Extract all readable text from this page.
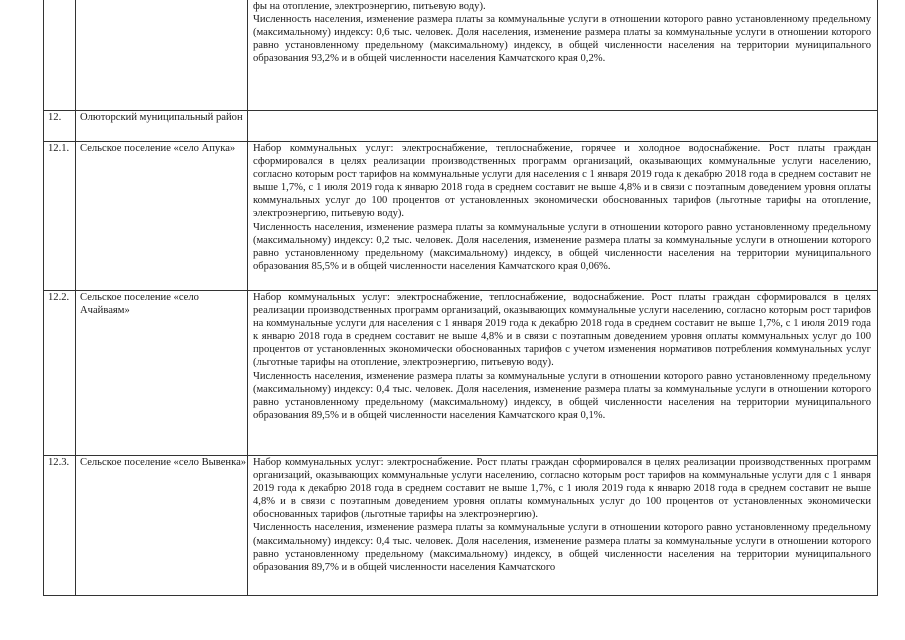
		фы на отопление, электроэнергию, питьевую воду).

Численность населения, изменение размера платы за коммунальные услуги в отношении которого равно установленному предельному (максимальному) индексу: 0,6 тыс. человек. Доля населения, изменение размера платы за коммунальные услуги в отношении которого равно установленному предельному (максимальному) индексу, в общей численности населения на территории муниципального образования 93,2% и в общей численности населения Камчатского края 0,2%.

12.	Олюторский муниципальный район	
12.1.	Сельское поселение «село Апука»	Набор коммунальных услуг: электроснабжение, теплоснабжение, горячее и холодное водоснабжение. Рост платы граждан сформировался в целях реализации производственных программ организаций, оказывающих коммунальные услуги населению, согласно которым рост тарифов на коммунальные услуги для населения с 1 января 2019 года к декабрю 2018 года в среднем составит не выше 1,7%, с 1 июля 2019 года к январю 2018 года в среднем составит не выше 4,8% и в связи с поэтапным доведением уровня оплаты коммунальных услуг до 100 процентов от установленных экономически обоснованных тарифов (льготные тарифы на отопление, электроэнергию, питьевую воду).

Численность населения, изменение размера платы за коммунальные услуги в отношении которого равно установленному предельному (максимальному) индексу: 0,2 тыс. человек. Доля населения, изменение размера платы за коммунальные услуги в отношении которого равно установленному предельному (максимальному) индексу, в общей численности населения на территории муниципального образования 85,5% и в общей численности населения Камчатского края 0,06%.

12.2.	Сельское поселение «село Ачайваям»	Набор коммунальных услуг: электроснабжение, теплоснабжение, водоснабжение. Рост платы граждан сформировался в целях реализации производственных программ организаций, оказывающих коммунальные услуги населению, согласно которым рост тарифов на коммунальные услуги для населения с 1 января 2019 года к декабрю 2018 года в среднем составит не выше 1,7%, с 1 июля 2019 года к январю 2018 года в среднем составит не выше 4,8% и в связи с поэтапным доведением уровня оплаты коммунальных услуг до 100 процентов от установленных экономически обоснованных тарифов с учетом изменения нормативов потребления коммунальных услуг (льготные тарифы на отопление, электроэнергию, питьевую воду).

Численность населения, изменение размера платы за коммунальные услуги в отношении которого равно установленному предельному (максимальному) индексу: 0,4 тыс. человек. Доля населения, изменение размера платы за коммунальные услуги в отношении которого равно установленному предельному (максимальному) индексу, в общей численности населения на территории муниципального образования 89,5% и в общей численности населения Камчатского края 0,1%.

12.3.	Сельское поселение «село Вывенка»	Набор коммунальных услуг: электроснабжение. Рост платы граждан сформировался в целях реализации производственных программ организаций, оказывающих коммунальные услуги населению, согласно которым рост тарифов на коммунальные услуги для с 1 января 2019 года к декабрю 2018 года в среднем составит не выше 1,7%, с 1 июля 2019 года к январю 2018 года в среднем составит не выше 4,8% и в связи с поэтапным доведением уровня оплаты коммунальных услуг до 100 процентов от установленных экономически обоснованных тарифов (льготные тарифы на электроэнергию).

Численность населения, изменение размера платы за коммунальные услуги в отношении которого равно установленному предельному (максимальному) индексу: 0,4 тыс. человек. Доля населения, изменение размера платы за коммунальные услуги в отношении которого равно установленному предельному (максимальному) индексу, в общей численности населения на территории муниципального образования 89,7% и в общей численности населения Камчатского
